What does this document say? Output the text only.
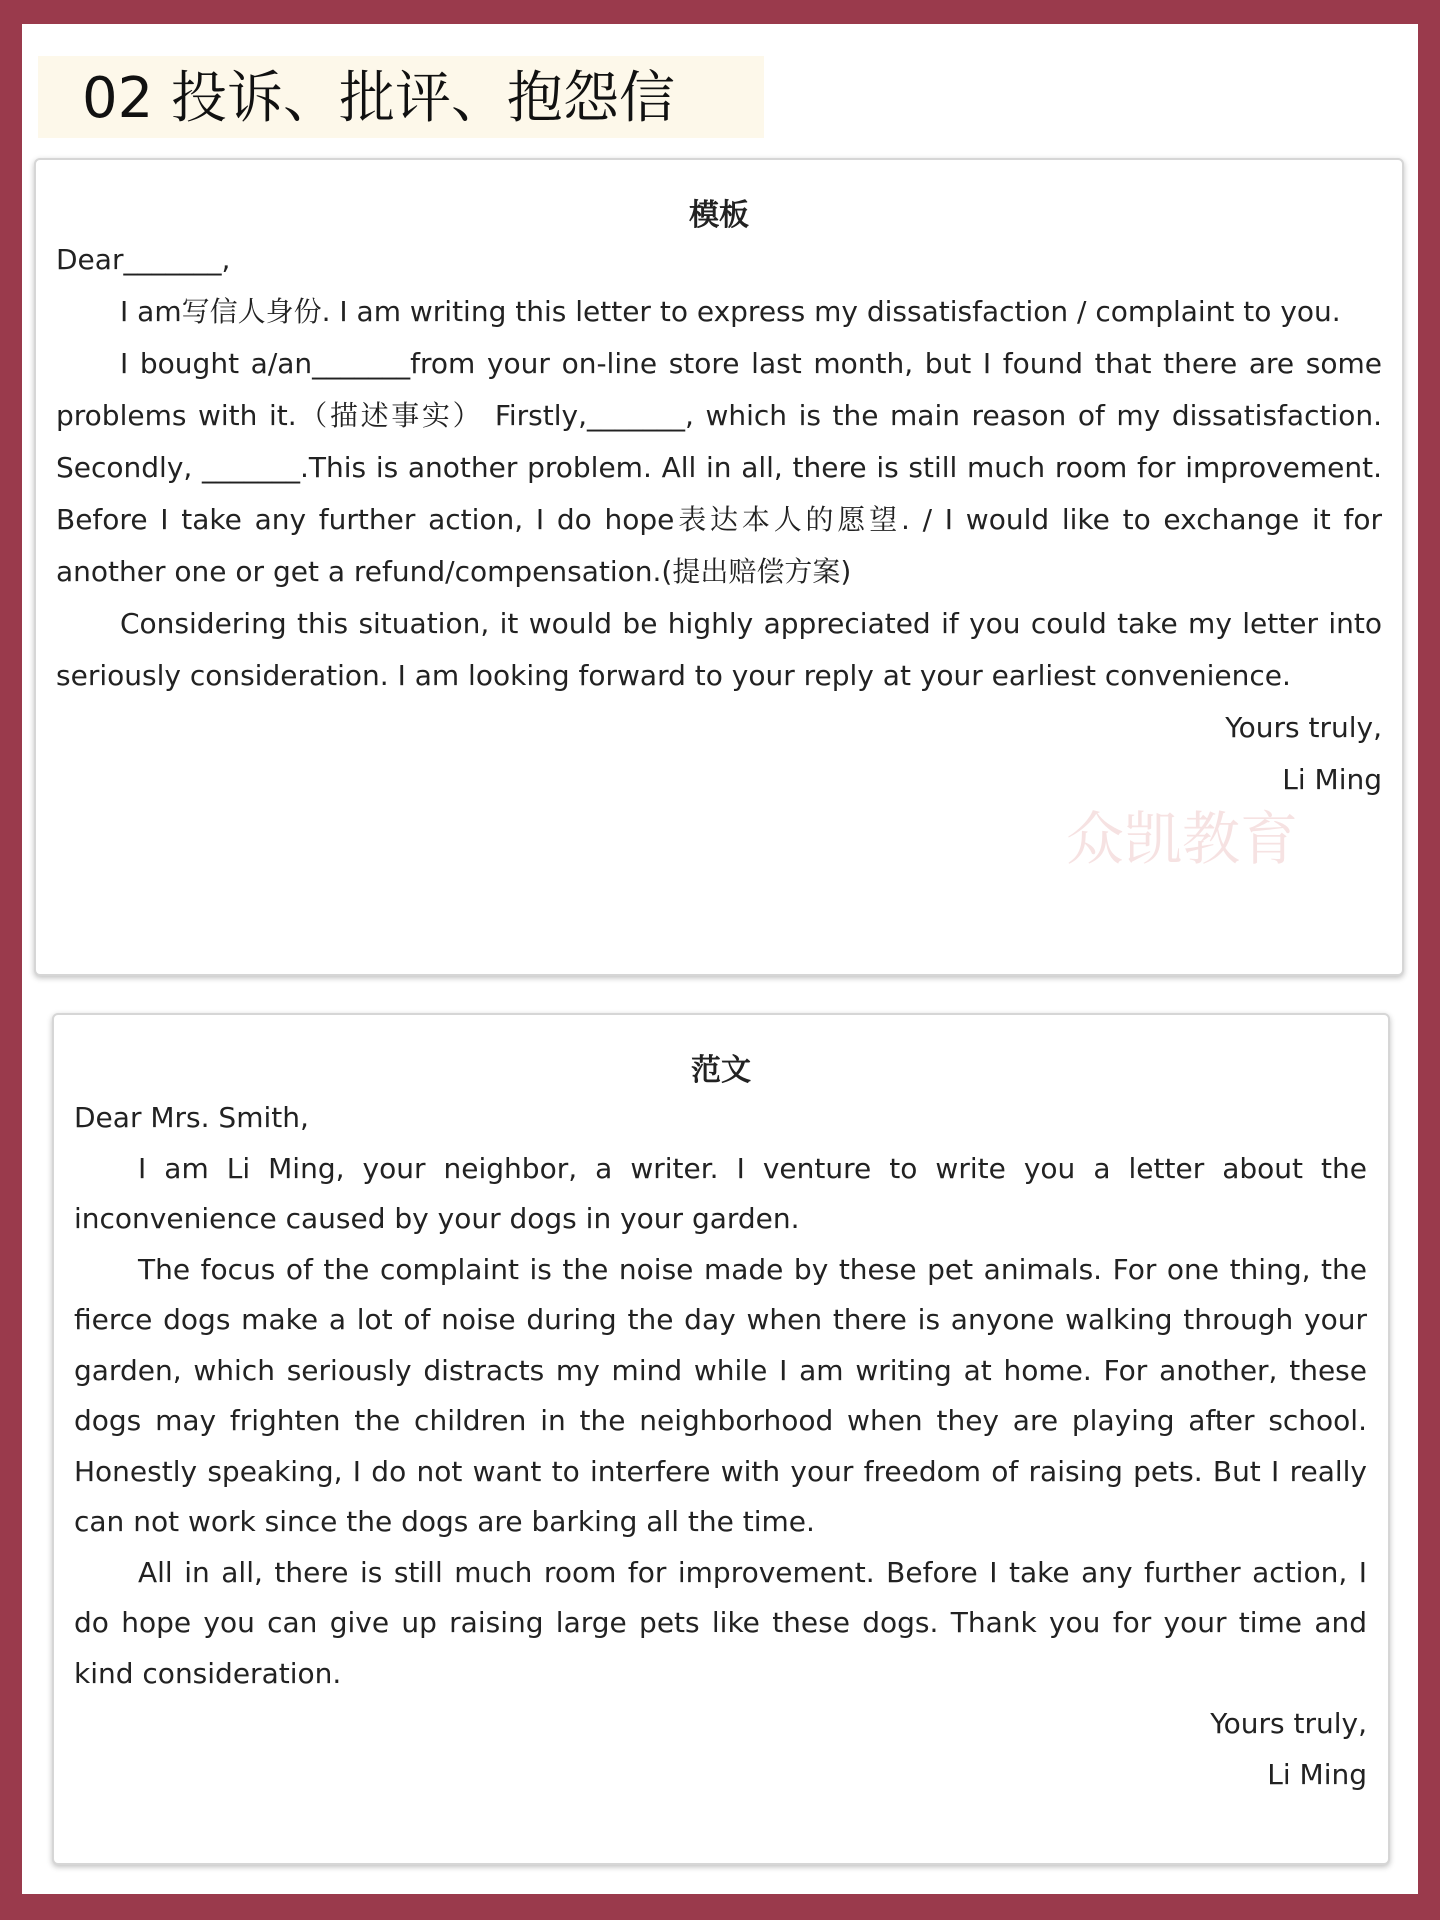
02 投诉、批评、抱怨信
模板

Dear_______,

I am写信人身份. I am writing this letter to express my dissatisfaction / complaint to you.

I bought a/an_______from your on-line store last month, but I found that there are some problems with it.（描述事实） Firstly,_______, which is the main reason of my dissatisfaction. Secondly, _______.This is another problem. All in all, there is still much room for improvement. Before I take any further action, I do hope表达本人的愿望. / I would like to exchange it for another one or get a refund/compensation.(提出赔偿方案)

Considering this situation, it would be highly appreciated if you could take my letter into seriously consideration. I am looking forward to your reply at your earliest convenience.

Yours truly,

Li Ming

众凯教育
范文

Dear Mrs. Smith,

I am Li Ming, your neighbor, a writer. I venture to write you a letter about the inconvenience caused by your dogs in your garden.

The focus of the complaint is the noise made by these pet animals. For one thing, the fierce dogs make a lot of noise during the day when there is anyone walking through your garden, which seriously distracts my mind while I am writing at home. For another, these dogs may frighten the children in the neighborhood when they are playing after school. Honestly speaking, I do not want to interfere with your freedom of raising pets. But I really can not work since the dogs are barking all the time.

All in all, there is still much room for improvement. Before I take any further action, I do hope you can give up raising large pets like these dogs. Thank you for your time and kind consideration.

Yours truly,

Li Ming
